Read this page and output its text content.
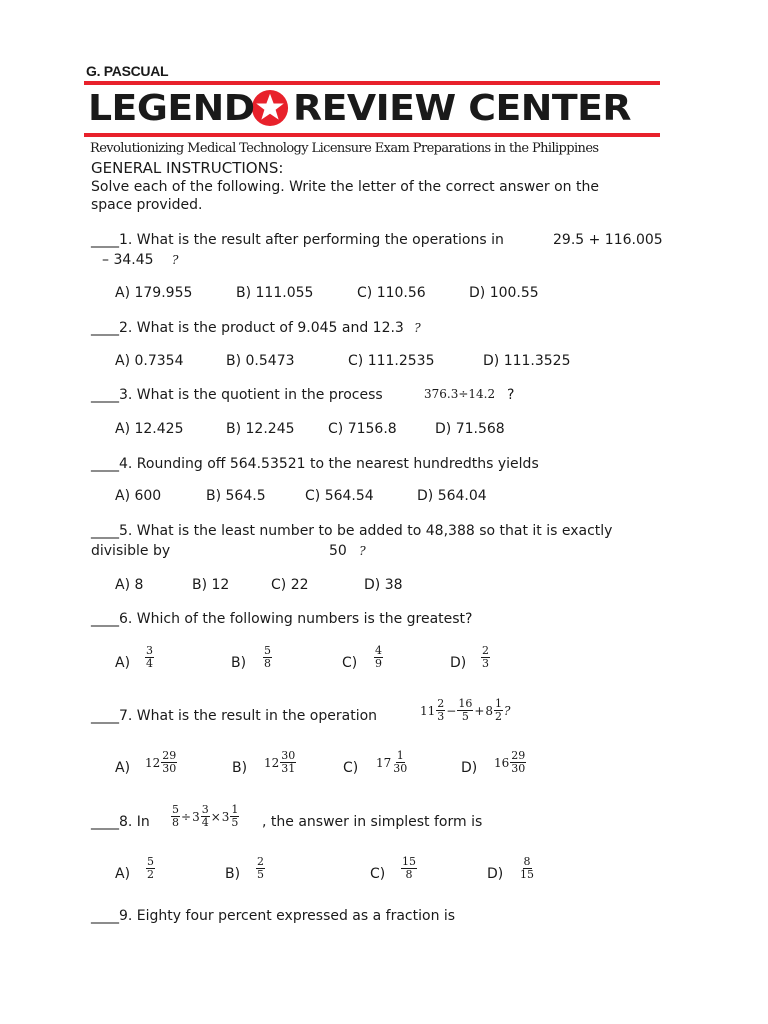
G. PASCUAL
LEGEND REVIEW CENTER
Revolutionizing Medical Technology Licensure Exam Preparations in the Philippines
GENERAL INSTRUCTIONS:
Solve each of the following. Write the letter of the correct answer on the
space provided.
____1. What is the result after performing the operations in	29.5 + 116.005
– 34.45 ?
A) 179.955	B) 111.055	C) 110.56	D) 100.55
____2. What is the product of 9.045 and 12.3 ?
A) 0.7354	B) 0.5473	C) 111.2535	D) 111.3525
____3. What is the quotient in the process	376.3÷14.2 ?
A) 12.425	B) 12.245	C) 7156.8	D) 71.568
____4. Rounding off 564.53521 to the nearest hundredths yields
A) 600	B) 564.5	C) 564.54	D) 564.04
____5. What is the least number to be added to 48,388 so that it is exactly
divisible by	50 ?
A) 8	B) 12	C) 22	D) 38
____6. Which of the following numbers is the greatest?
$A) \frac{3}{4}$	$B) \frac{5}{8}$	$C) \frac{4}{9}$	$D) \frac{2}{3}$
____7. What is the result in the operation	$11 \frac{2}{3} - \frac{16}{5} + 8 \frac{1}{2}$ ?
A) $12 \frac{29}{30}$	B) $12 \frac{30}{31}$	C) $17 \frac{1}{30}$	D) $16 \frac{29}{30}$
____8. In $\frac{5}{8} \div 3 \frac{3}{4} \times 3 \frac{1}{5}$ , the answer in simplest form is
$A) \frac{5}{2}$	$B) \frac{2}{5}$	$C) \frac{15}{8}$	$D) \frac{8}{15}$
____9. Eighty four percent expressed as a fraction is
